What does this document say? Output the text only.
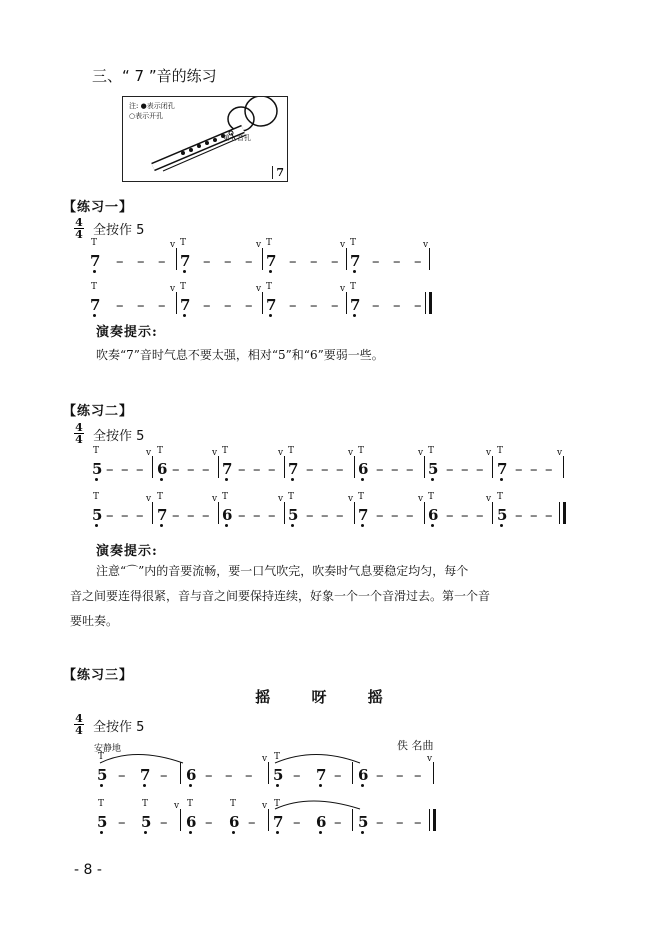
三、“ 7 ”音的练习
注: ●表示闭孔
○表示开孔
第七音孔
7
【练习一】
4
4 全按作 5
T
7 – – –
v T
7 – – –
v T
7 – – –
v T
7 – – –
v
T
7 – – –
v T
7 – – –
v T
7 – – –
v T
7 – – –
演奏提示:
吹奏“7”音时气息不要太强，相对“5”和“6”要弱一些。
【练习二】
4
4 全按作 5
T
5 – – –
v T
6 – – –
v T
7 – – –
v T
7 – – –
v T
6 – – –
v T
5 – – –
v T
7 – – –
v
T
5 – – –
v T
7 – – –
v T
6 – – –
v T
5 – – –
v T
7 – – –
v T
6 – – –
v T
5 – – –
演奏提示:
注意“⌒”内的音要流畅，要一口气吹完，吹奏时气息要稳定均匀，每个
音之间要连得很紧，音与音之间要保持连续，好象一个一个音滑过去。第一个音
要吐奏。
【练习三】
摇 呀 摇
4
4 全按作 5
安静地	佚 名曲
T
5 – 7 – 6 – – –
v T
5 – 7 – 6 – – –
v
T
5 –
T
5 –
v T
6 –
T
6 –
v T
7 – 6 – 5 – – –
- 8 -
